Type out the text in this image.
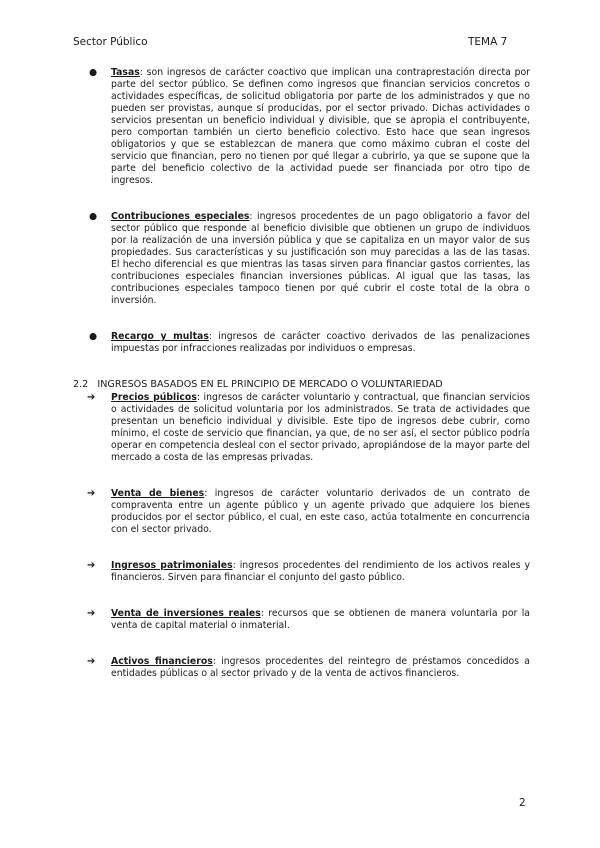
Sector Público	TEMA 7
● Tasas: son ingresos de carácter coactivo que implican una contraprestación directa por parte del sector público. Se definen como ingresos que financian servicios concretos o actividades específicas, de solicitud obligatoria por parte de los administrados y que no pueden ser provistas, aunque sí producidas, por el sector privado. Dichas actividades o servicios presentan un beneficio individual y divisible, que se apropia el contribuyente, pero comportan también un cierto beneficio colectivo. Esto hace que sean ingresos obligatorios y que se establezcan de manera que como máximo cubran el coste del servicio que financian, pero no tienen por qué llegar a cubrirlo, ya que se supone que la parte del beneficio colectivo de la actividad puede ser financiada por otro tipo de ingresos.
● Contribuciones especiales: ingresos procedentes de un pago obligatorio a favor del sector público que responde al beneficio divisible que obtienen un grupo de individuos por la realización de una inversión pública y que se capitaliza en un mayor valor de sus propiedades. Sus características y su justificación son muy parecidas a las de las tasas. El hecho diferencial es que mientras las tasas sirven para financiar gastos corrientes, las contribuciones especiales financian inversiones públicas. Al igual que las tasas, las contribuciones especiales tampoco tienen por qué cubrir el coste total de la obra o inversión.
● Recargo y multas: ingresos de carácter coactivo derivados de las penalizaciones impuestas por infracciones realizadas por individuos o empresas.
2.2 INGRESOS BASADOS EN EL PRINCIPIO DE MERCADO O VOLUNTARIEDAD
➔ Precios públicos: ingresos de carácter voluntario y contractual, que financian servicios o actividades de solicitud voluntaria por los administrados. Se trata de actividades que presentan un beneficio individual y divisible. Este tipo de ingresos debe cubrir, como mínimo, el coste de servicio que financian, ya que, de no ser así, el sector público podría operar en competencia desleal con el sector privado, apropiándose de la mayor parte del mercado a costa de las empresas privadas.
➔ Venta de bienes: ingresos de carácter voluntario derivados de un contrato de compraventa entre un agente público y un agente privado que adquiere los bienes producidos por el sector público, el cual, en este caso, actúa totalmente en concurrencia con el sector privado.
➔ Ingresos patrimoniales: ingresos procedentes del rendimiento de los activos reales y financieros. Sirven para financiar el conjunto del gasto público.
➔ Venta de inversiones reales: recursos que se obtienen de manera voluntaria por la venta de capital material o inmaterial.
➔ Activos financieros: ingresos procedentes del reintegro de préstamos concedidos a entidades públicas o al sector privado y de la venta de activos financieros.
2
